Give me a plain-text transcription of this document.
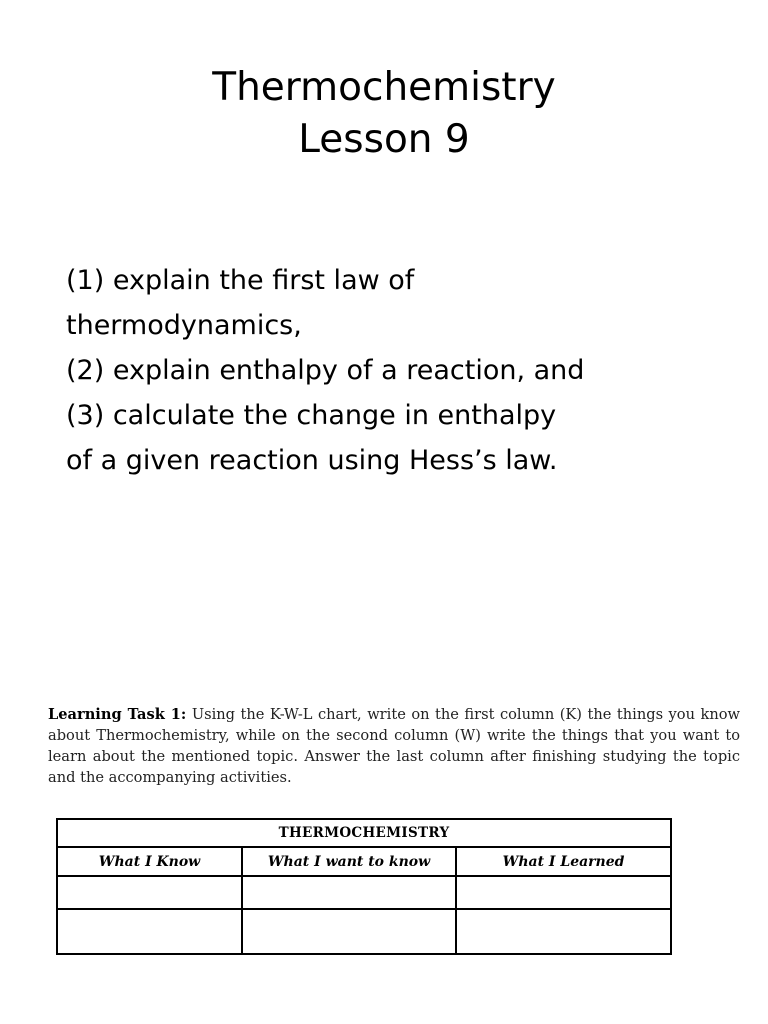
Thermochemistry
Lesson 9
(1) explain the first law of
thermodynamics,
(2) explain enthalpy of a reaction, and
(3) calculate the change in enthalpy
of a given reaction using Hess’s law.
Learning Task 1: Using the K-W-L chart, write on the first column (K) the things you know about Thermochemistry, while on the second column (W) write the things that you want to learn about the mentioned topic. Answer the last column after finishing studying the topic and the accompanying activities.
THERMOCHEMISTRY		
What I Know	What I want to know	What I Learned
